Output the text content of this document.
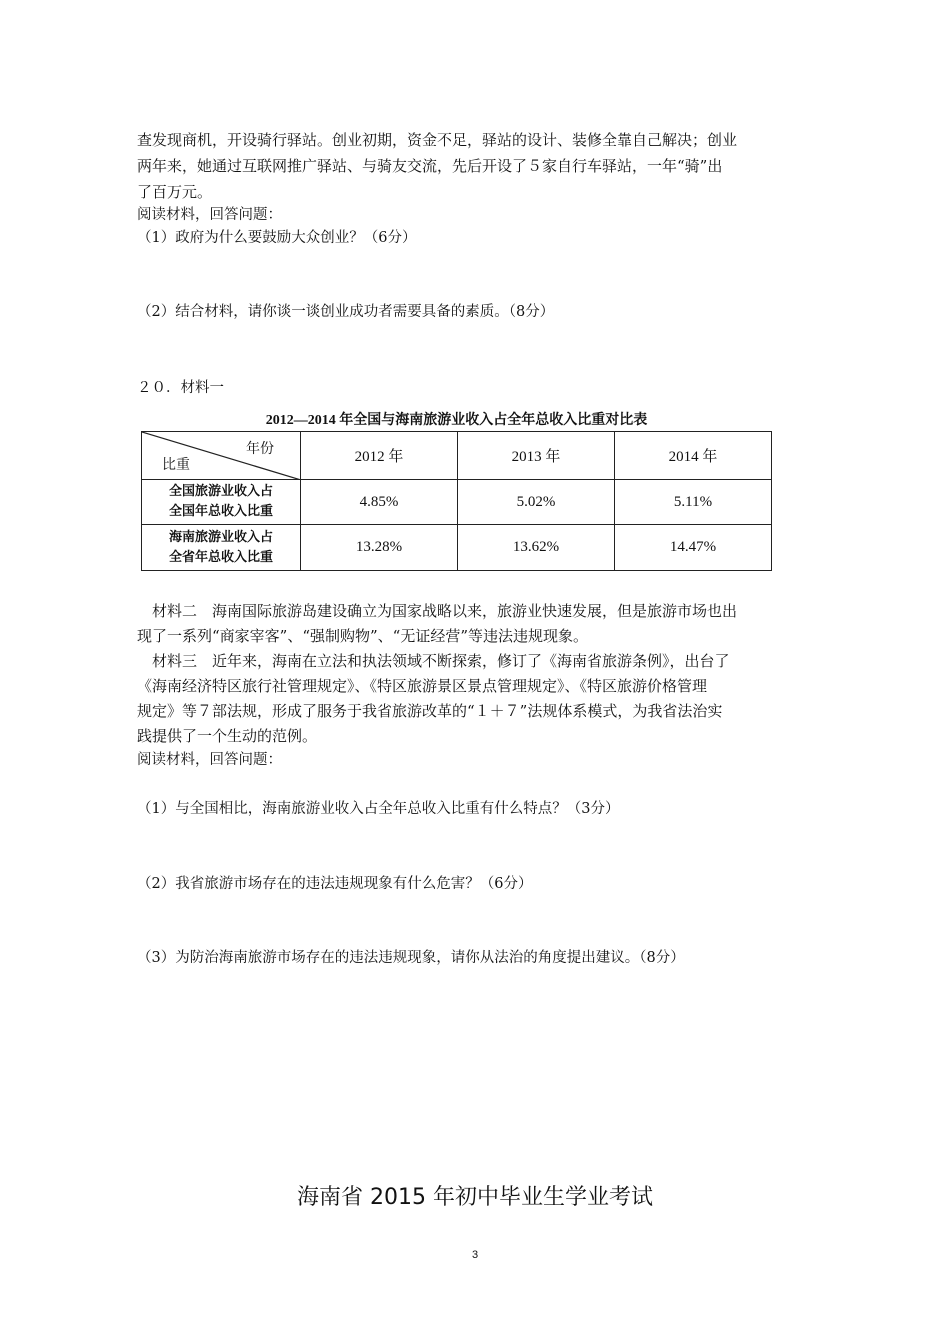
查发现商机，开设骑行驿站。创业初期，资金不足，驿站的设计、装修全靠自己解决；创业
两年来，她通过互联网推广驿站、与骑友交流，先后开设了５家自行车驿站，一年“骑”出
了百万元。
阅读材料，回答问题：
（1）政府为什么要鼓励大众创业？（6分）
（2）结合材料，请你谈一谈创业成功者需要具备的素质。（8分）
２０．材料一
2012—2014 年全国与海南旅游业收入占全年总收入比重对比表
年份
比重	2012 年	2013 年	2014 年

全国旅游业收入占
全国年总收入比重	4.85%	5.02%	5.11%

海南旅游业收入占
全省年总收入比重	13.28%	13.62%	14.47%
材料二　海南国际旅游岛建设确立为国家战略以来，旅游业快速发展，但是旅游市场也出
现了一系列“商家宰客”、“强制购物”、“无证经营”等违法违规现象。
材料三　近年来，海南在立法和执法领域不断探索，修订了《海南省旅游条例》，出台了
《海南经济特区旅行社管理规定》、《特区旅游景区景点管理规定》、《特区旅游价格管理
规定》等７部法规，形成了服务于我省旅游改革的“１＋７”法规体系模式，为我省法治实
践提供了一个生动的范例。
阅读材料，回答问题：
（1）与全国相比，海南旅游业收入占全年总收入比重有什么特点？（3分）
（2）我省旅游市场存在的违法违规现象有什么危害？（6分）
（3）为防治海南旅游市场存在的违法违规现象，请你从法治的角度提出建议。（8分）
海南省 2015 年初中毕业生学业考试
3
